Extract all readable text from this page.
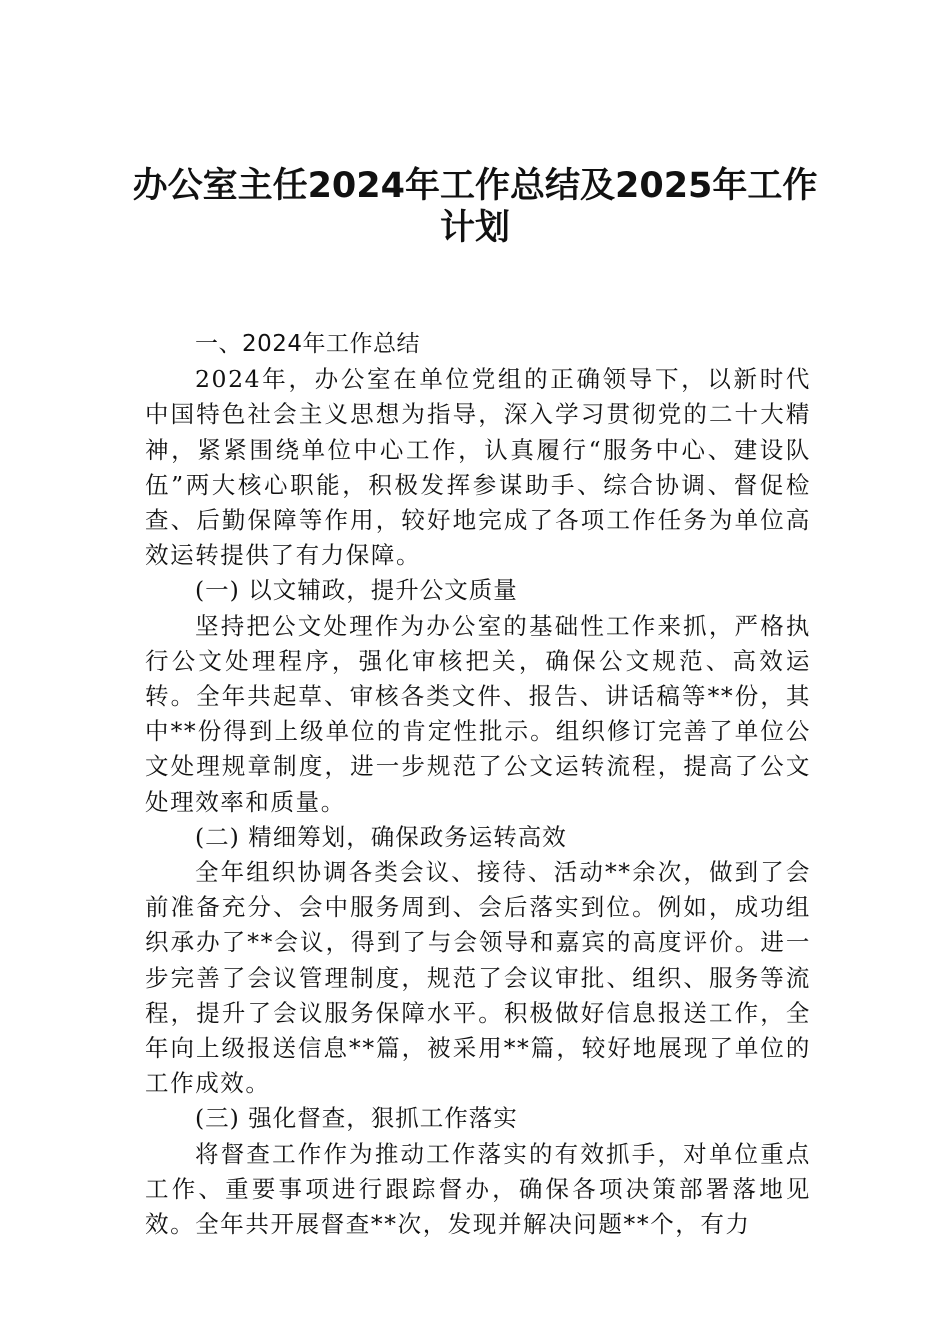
办公室主任2024年工作总结及2025年工作
计划

一、2024年工作总结

2024年，办公室在单位党组的正确领导下，以新时代中国特色社会主义思想为指导，深入学习贯彻党的二十大精神，紧紧围绕单位中心工作，认真履行“服务中心、建设队伍”两大核心职能，积极发挥参谋助手、综合协调、督促检查、后勤保障等作用，较好地完成了各项工作任务为单位高效运转提供了有力保障。

(一) 以文辅政，提升公文质量

坚持把公文处理作为办公室的基础性工作来抓，严格执行公文处理程序，强化审核把关，确保公文规范、高效运转。全年共起草、审核各类文件、报告、讲话稿等**份，其中**份得到上级单位的肯定性批示。组织修订完善了单位公文处理规章制度，进一步规范了公文运转流程，提高了公文处理效率和质量。

(二) 精细筹划，确保政务运转高效

全年组织协调各类会议、接待、活动**余次，做到了会前准备充分、会中服务周到、会后落实到位。例如，成功组织承办了**会议，得到了与会领导和嘉宾的高度评价。进一步完善了会议管理制度，规范了会议审批、组织、服务等流程，提升了会议服务保障水平。积极做好信息报送工作，全年向上级报送信息**篇，被采用**篇，较好地展现了单位的工作成效。

(三) 强化督查，狠抓工作落实

将督查工作作为推动工作落实的有效抓手，对单位重点工作、重要事项进行跟踪督办，确保各项决策部署落地见效。全年共开展督查**次，发现并解决问题**个，有力
